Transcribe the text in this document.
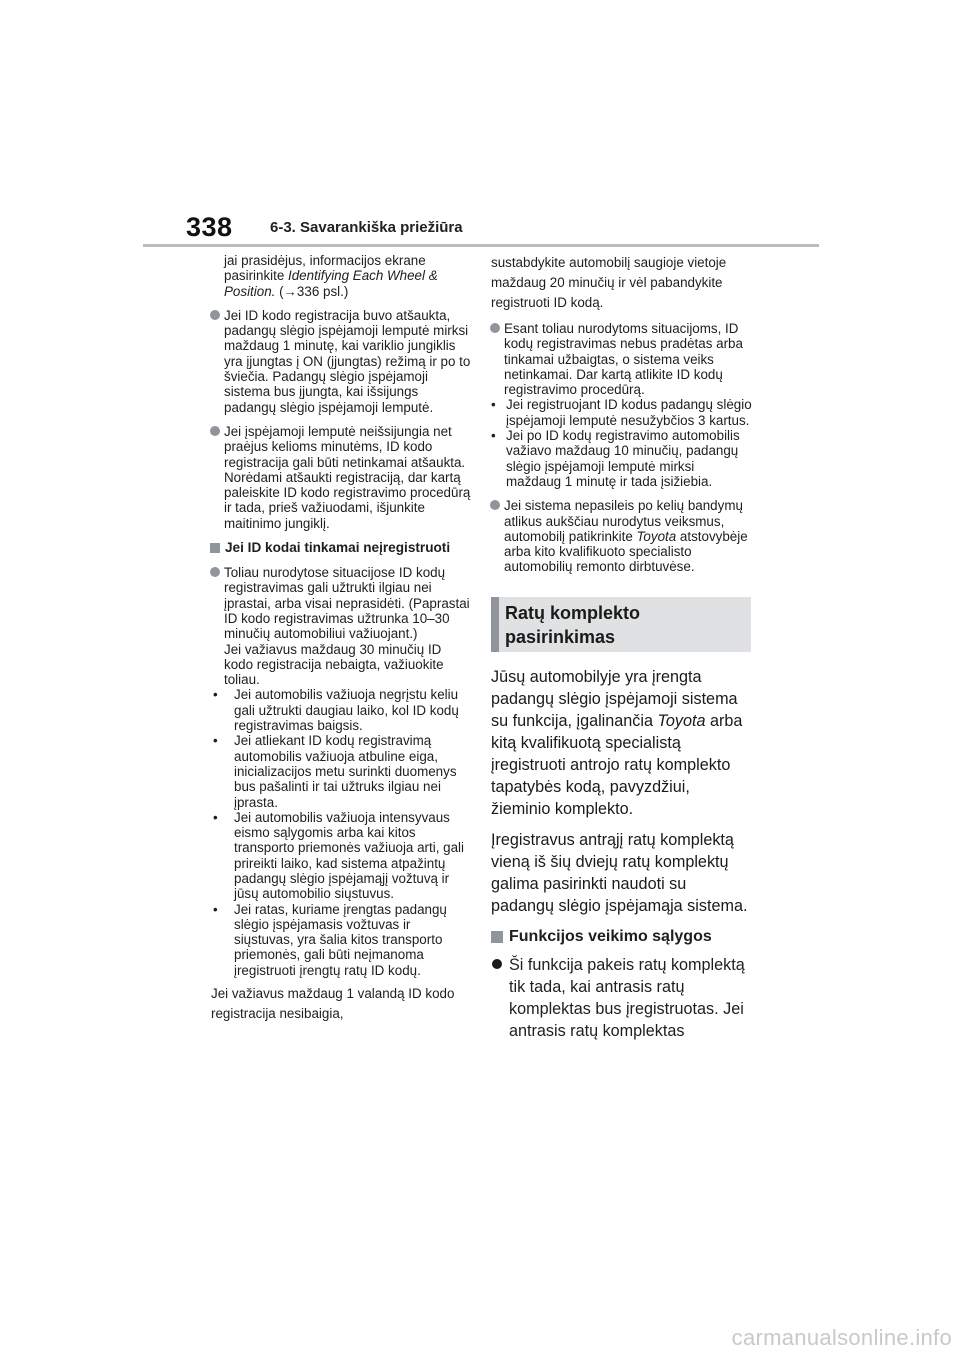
338 6-3. Savarankiška priežiūra
jai prasidėjus, informacijos ekrane pasirinkite Identifying Each Wheel & Position. (→336 psl.)
Jei ID kodo registracija buvo atšaukta, padangų slėgio įspėjamoji lemputė mirksi maždaug 1 minutę, kai variklio jungiklis yra įjungtas į ON (įjungtas) režimą ir po to šviečia. Padangų slėgio įspėjamoji sistema bus įjungta, kai išsijungs padangų slėgio įspėjamoji lemputė.
Jei įspėjamoji lemputė neišsijungia net praėjus kelioms minutėms, ID kodo registracija gali būti netinkamai atšaukta. Norėdami atšaukti registraciją, dar kartą paleiskite ID kodo registravimo procedūrą ir tada, prieš važiuodami, išjunkite maitinimo jungiklį.
Jei ID kodai tinkamai neįregistruoti
Toliau nurodytose situacijose ID kodų registravimas gali užtrukti ilgiau nei įprastai, arba visai neprasidėti. (Paprastai ID kodo registravimas užtrunka 10–30 minučių automobiliui važiuojant.)
Jei važiavus maždaug 30 minučių ID kodo registracija nebaigta, važiuokite toliau.
• Jei automobilis važiuoja negrįstu keliu gali užtrukti daugiau laiko, kol ID kodų registravimas baigsis.
• Jei atliekant ID kodų registravimą automobilis važiuoja atbuline eiga, inicializacijos metu surinkti duomenys bus pašalinti ir tai užtruks ilgiau nei įprasta.
• Jei automobilis važiuoja intensyvaus eismo sąlygomis arba kai kitos transporto priemonės važiuoja arti, gali prireikti laiko, kad sistema atpažintų padangų slėgio įspėjamąjį vožtuvą ir jūsų automobilio siųstuvus.
• Jei ratas, kuriame įrengtas padangų slėgio įspėjamasis vožtuvas ir siųstuvas, yra šalia kitos transporto priemonės, gali būti neįmanoma įregistruoti įrengtų ratų ID kodų.
Jei važiavus maždaug 1 valandą ID kodo registracija nesibaigia,
sustabdykite automobilį saugioje vietoje maždaug 20 minučių ir vėl pabandykite registruoti ID kodą.
Esant toliau nurodytoms situacijoms, ID kodų registravimas nebus pradėtas arba tinkamai užbaigtas, o sistema veiks netinkamai. Dar kartą atlikite ID kodų registravimo procedūrą.
• Jei registruojant ID kodus padangų slėgio įspėjamoji lemputė nesužybčios 3 kartus.
• Jei po ID kodų registravimo automobilis važiavo maždaug 10 minučių, padangų slėgio įspėjamoji lemputė mirksi maždaug 1 minutę ir tada įsižiebia.
Jei sistema nepasileis po kelių bandymų atlikus aukščiau nurodytus veiksmus, automobilį patikrinkite Toyota atstovybėje arba kito kvalifikuoto specialisto automobilių remonto dirbtuvėse.
Ratų komplekto
pasirinkimas

Jūsų automobilyje yra įrengta padangų slėgio įspėjamoji sistema su funkcija, įgalinančia Toyota arba kitą kvalifikuotą specialistą įregistruoti antrojo ratų komplekto tapatybės kodą, pavyzdžiui, žieminio komplekto.

Įregistravus antrąjį ratų komplektą vieną iš šių dviejų ratų komplektų galima pasirinkti naudoti su padangų slėgio įspėjamąja sistema.

Funkcijos veikimo sąlygos

Ši funkcija pakeis ratų komplektą tik tada, kai antrasis ratų komplektas bus įregistruotas. Jei antrasis ratų komplektas

carmanualsonline.info
